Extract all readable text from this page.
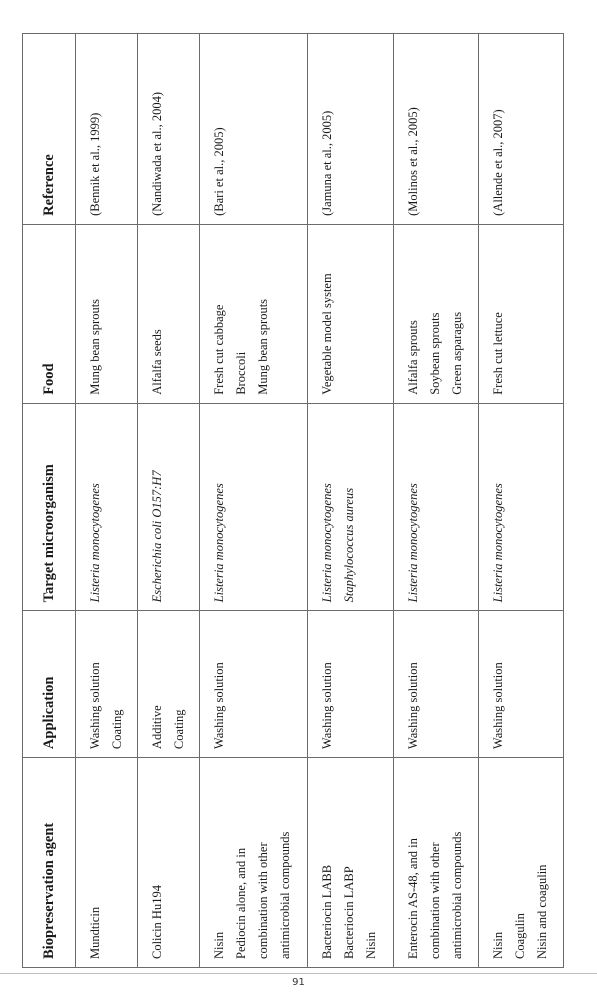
Biopreservation agent	Application	Target microorganism	Food	Reference

Mundticin	Washing solution Coating	Listeria monocytogenes	Mung bean sprouts	(Bennik et al., 1999)

Colicin Hu194	Additive Coating	Escherichia coli O157:H7	Alfalfa seeds	(Nandiwada et al., 2004)

Nisin Pediocin alone, and in combination with other antimicrobial compounds	Washing solution	Listeria monocytogenes	Fresh cut cabbage Broccoli Mung bean sprouts	(Bari et al., 2005)

Bacteriocin LABB Bacteriocin LABP Nisin	Washing solution	Listeria monocytogenes Staphylococcus aureus	Vegetable model system	(Jamuna et al., 2005)

Enterocin AS-48, and in combination with other antimicrobial compounds	Washing solution	Listeria monocytogenes	Alfalfa sprouts Soybean sprouts Green asparagus	(Molinos et al., 2005)

Nisin Coagulin Nisin and coagulin	Washing solution	Listeria monocytogenes	Fresh cut lettuce	(Allende et al., 2007)
91
